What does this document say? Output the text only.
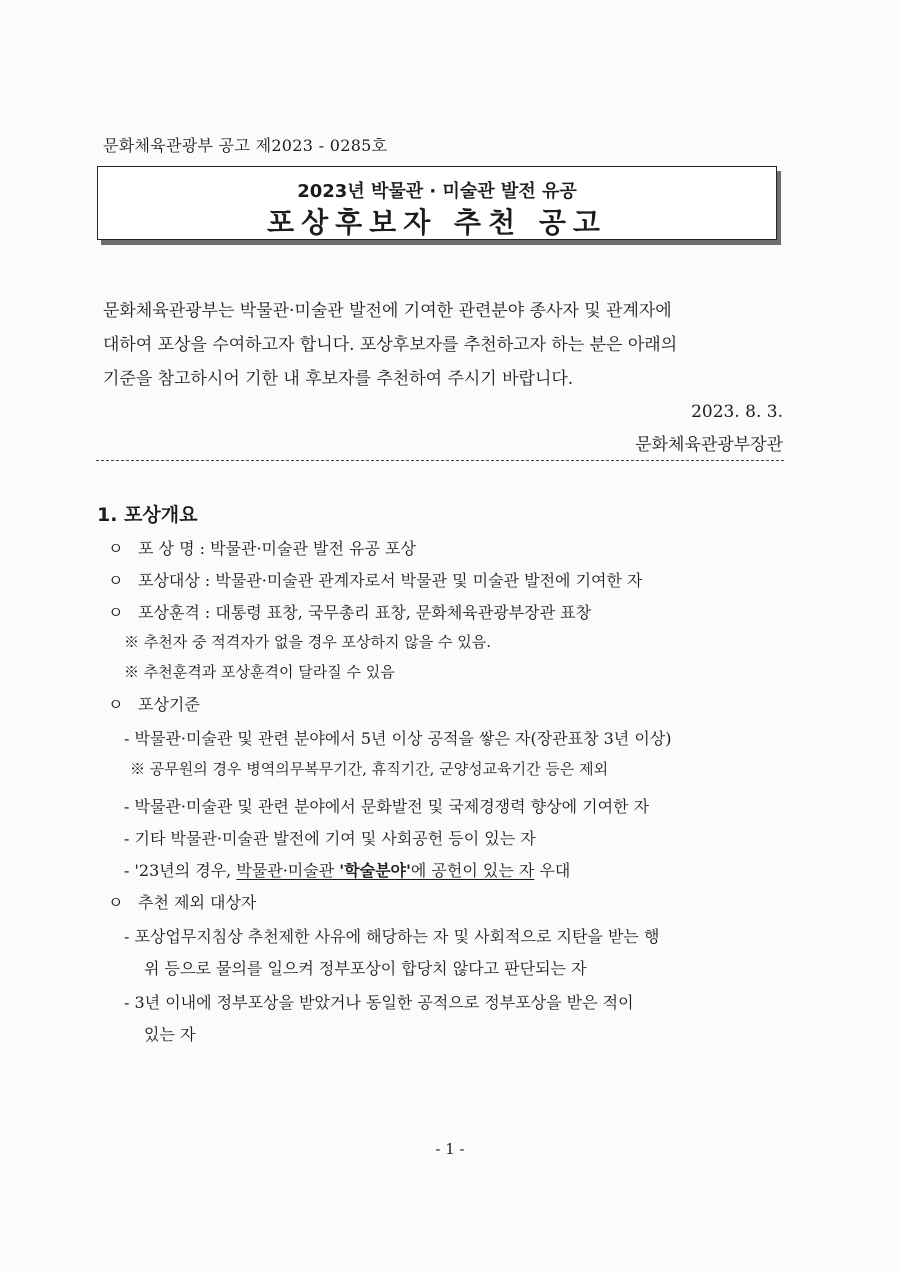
문화체육관광부 공고 제2023 - 0285호
2023년 박물관 · 미술관 발전 유공
포상후보자 추천 공고
문화체육관광부는 박물관·미술관 발전에 기여한 관련분야 종사자 및 관계자에
대하여 포상을 수여하고자 합니다. 포상후보자를 추천하고자 하는 분은 아래의
기준을 참고하시어 기한 내 후보자를 추천하여 주시기 바랍니다.
2023. 8. 3.
문화체육관광부장관
1. 포상개요
ㅇ 포 상 명 : 박물관·미술관 발전 유공 포상
ㅇ 포상대상 : 박물관·미술관 관계자로서 박물관 및 미술관 발전에 기여한 자
ㅇ 포상훈격 : 대통령 표창, 국무총리 표창, 문화체육관광부장관 표창
※ 추천자 중 적격자가 없을 경우 포상하지 않을 수 있음.
※ 추천훈격과 포상훈격이 달라질 수 있음
ㅇ 포상기준
- 박물관·미술관 및 관련 분야에서 5년 이상 공적을 쌓은 자(장관표창 3년 이상)
※ 공무원의 경우 병역의무복무기간, 휴직기간, 군양성교육기간 등은 제외
- 박물관·미술관 및 관련 분야에서 문화발전 및 국제경쟁력 향상에 기여한 자
- 기타 박물관·미술관 발전에 기여 및 사회공헌 등이 있는 자
- '23년의 경우, 박물관·미술관 '학술분야'에 공헌이 있는 자 우대
ㅇ 추천 제외 대상자
- 포상업무지침상 추천제한 사유에 해당하는 자 및 사회적으로 지탄을 받는 행
위 등으로 물의를 일으켜 정부포상이 합당치 않다고 판단되는 자
- 3년 이내에 정부포상을 받았거나 동일한 공적으로 정부포상을 받은 적이
있는 자
- 1 -
